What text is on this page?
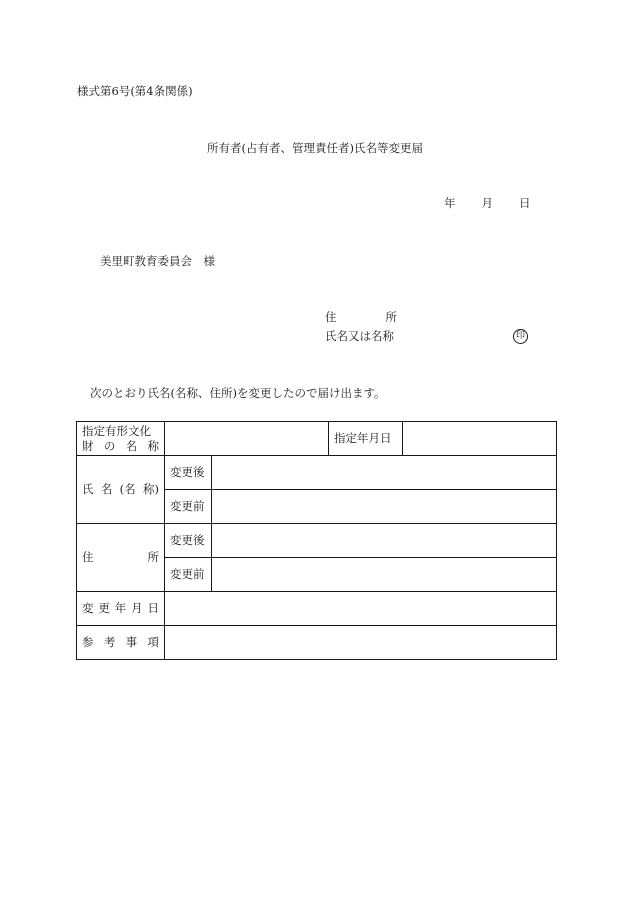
様式第6号(第4条関係)
所有者(占有者、管理責任者)氏名等変更届
年 月 日
美里町教育委員会　様
住	所
氏名又は名称	印
次のとおり氏名(名称、住所)を変更したので届け出ます。
指定有形文化
財 の 名 称			指定年月日	

氏 名 (名 称)	変更後			
	変更前			

住 所	変更後			
	変更前			

変 更 年 月 日				

参 考 事 項				
